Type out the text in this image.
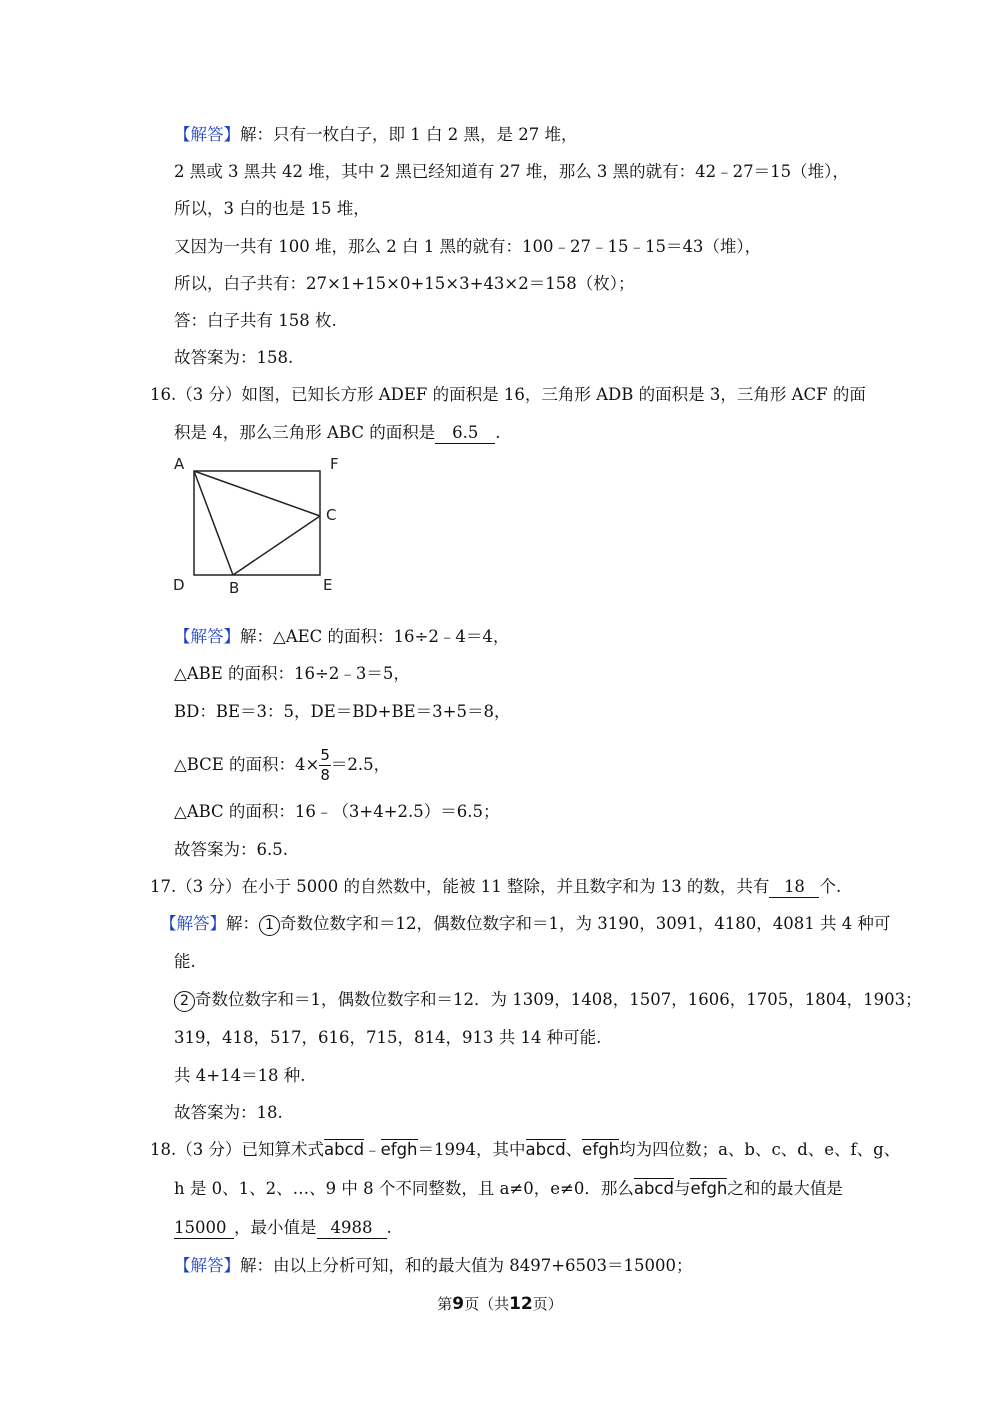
【解答】解：只有一枚白子，即 1 白 2 黑，是 27 堆，
2 黑或 3 黑共 42 堆，其中 2 黑已经知道有 27 堆，那么 3 黑的就有：42﹣27＝15（堆），
所以，3 白的也是 15 堆，
又因为一共有 100 堆，那么 2 白 1 黑的就有：100﹣27﹣15﹣15＝43（堆），
所以，白子共有：27×1+15×0+15×3+43×2＝158（枚）；
答：白子共有 158 枚.
故答案为：158.
16.（3 分）如图，已知长方形 ADEF 的面积是 16，三角形 ADB 的面积是 3，三角形 ACF 的面
积是 4，那么三角形 ABC 的面积是 6.5 .
A	F
C
D	B	E
【解答】解：△AEC 的面积：16÷2﹣4＝4，
△ABE 的面积：16÷2﹣3＝5，
BD：BE＝3：5，DE＝BD+BE＝3+5＝8，
△BCE 的面积：$4\times \frac{5}{8} =2.5$，
△ABC 的面积：16﹣（3+4+2.5）＝6.5；
故答案为：6.5.
17.（3 分）在小于 5000 的自然数中，能被 11 整除，并且数字和为 13 的数，共有 18 个.
【解答】解： 1 奇数位数字和＝12，偶数位数字和＝1，为 3190，3091，4180，4081 共 4 种可
能.
2 奇数位数字和＝1，偶数位数字和＝12．为 1309，1408，1507，1606，1705，1804，1903；
319，418，517，616，715，814，913 共 14 种可能.
共 4+14＝18 种.
故答案为：18.
18.（3 分）已知算术式abcd﹣efgh＝1994，其中abcd、efgh均为四位数；a、b、c、d、e、f、g、
h 是 0、1、2、…、9 中 8 个不同整数，且 a≠0，e≠0．那么abcd与efgh之和的最大值是
15000 ，最小值是 4988 .
【解答】解：由以上分析可知，和的最大值为 8497+6503＝15000；
第9页（共12页）
